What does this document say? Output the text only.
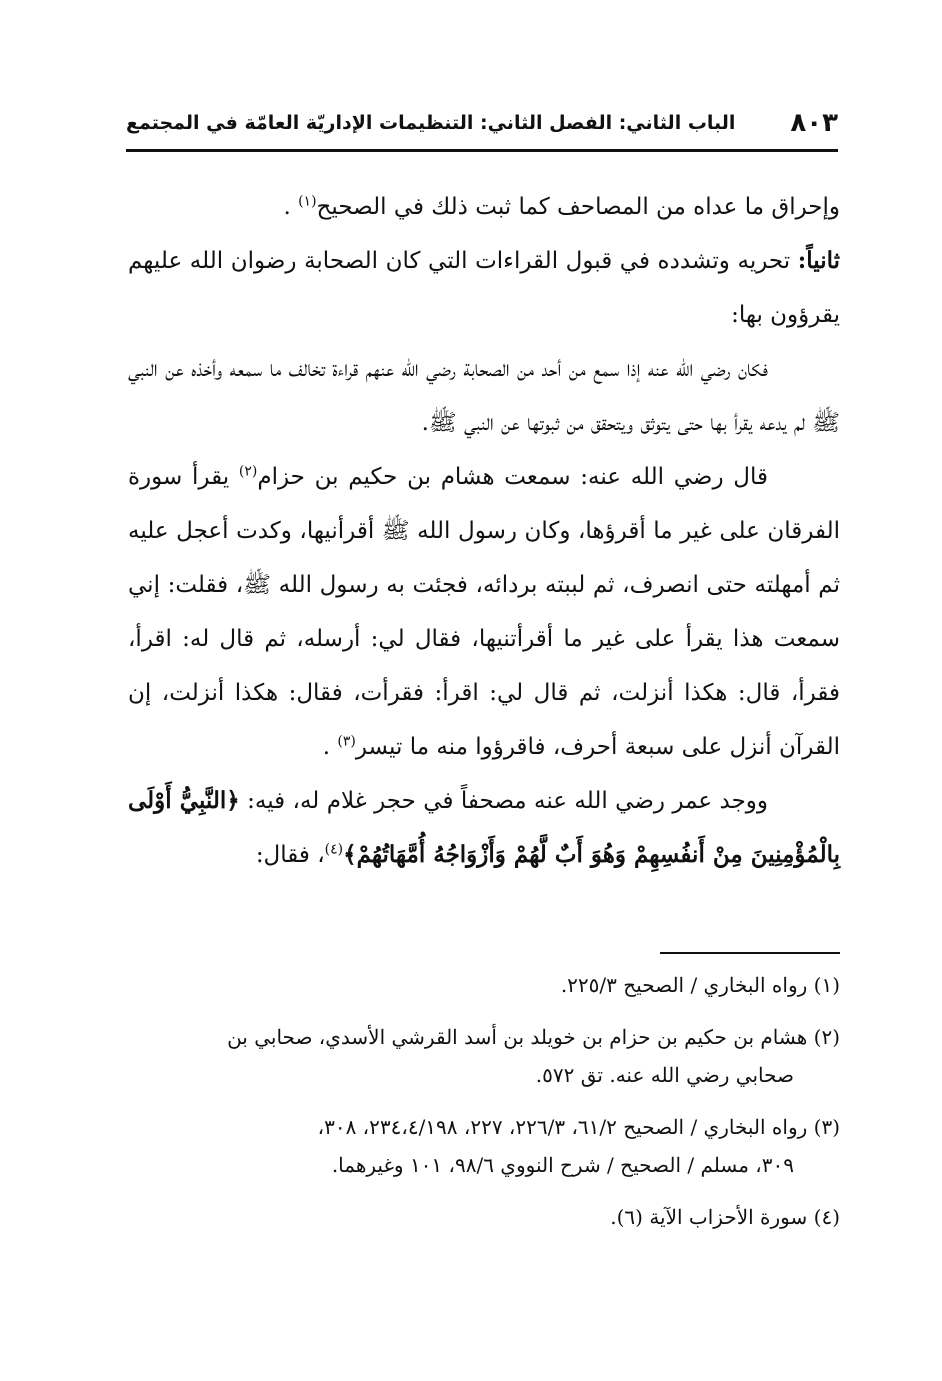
٨٠٣
الباب الثاني: الفصل الثاني: التنظيمات الإداريّة العامّة في المجتمع

وإحراق ما عداه من المصاحف كما ثبت ذلك في الصحيح$^{(١)}$ .

ثانياً: تحريه وتشدده في قبول القراءات التي كان الصحابة رضوان الله عليهم يقرؤون بها:

فكان رضي الله عنه إذا سمع من أحد من الصحابة رضي الله عنهم قراءة تخالف ما سمعه وأخذه عن النبي ﷺ لم يدعه يقرأ بها حتى يتوثق ويتحقق من ثبوتها عن النبي ﷺ.

قال رضي الله عنه: سمعت هشام بن حكيم بن حزام$^{(٢)}$ يقرأ سورة الفرقان على غير ما أقرؤها، وكان رسول الله ﷺ أقرأنيها، وكدت أعجل عليه ثم أمهلته حتى انصرف، ثم لببته بردائه، فجئت به رسول الله ﷺ، فقلت: إني سمعت هذا يقرأ على غير ما أقرأتنيها، فقال لي: أرسله، ثم قال له: اقرأ، فقرأ، قال: هكذا أنزلت، ثم قال لي: اقرأ: فقرأت، فقال: هكذا أنزلت، إن القرآن أنزل على سبعة أحرف، فاقرؤوا منه ما تيسر$^{(٣)}$ .

ووجد عمر رضي الله عنه مصحفاً في حجر غلام له، فيه: ﴿النَّبِيُّ أَوْلَى بِالْمُؤْمِنِينَ مِنْ أَنفُسِهِمْ وَهُوَ أَبٌ لَّهُمْ وَأَزْوَاجُهُ أُمَّهَاتُهُمْ﴾$^{(٤)}$، فقال:

(١) رواه البخاري / الصحيح ٢٢٥/٣.

(٢) هشام بن حكيم بن حزام بن خويلد بن أسد القرشي الأسدي، صحابي بن
صحابي رضي الله عنه. تق ٥٧٢.

(٣) رواه البخاري / الصحيح ٦١/٢، ٢٢٦/٣، ٢٢٧، ٢٣٤،٤/١٩٨، ٣٠٨،
٣٠٩، مسلم / الصحيح / شرح النووي ٩٨/٦، ١٠١ وغيرهما.

(٤) سورة الأحزاب الآية (٦).
